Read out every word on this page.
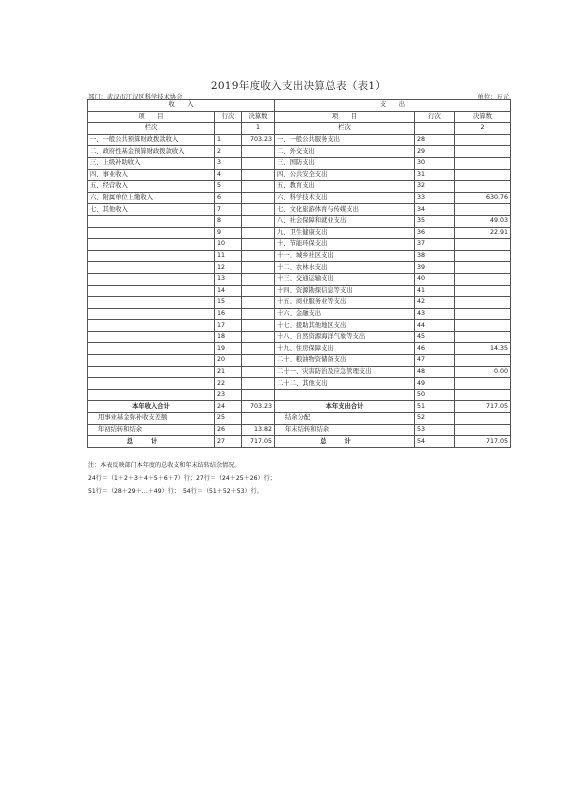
2019年度收入支出决算总表（表1）
部门：武汉市江汉区科学技术协会	单位：万元
收　　入			支　　出		
项　　目	行次	决算数	项　　目	行次	决算数
栏次		1	栏次		2
一、一般公共预算财政拨款收入	1	703.23	一、一般公共服务支出	28	
二、政府性基金预算财政拨款收入	2		二、外交支出	29	
三、上级补助收入	3		三、国防支出	30	
四、事业收入	4		四、公共安全支出	31	
五、经营收入	5		五、教育支出	32	
六、附属单位上缴收入	6		六、科学技术支出	33	630.76
七、其他收入	7		七、文化旅游体育与传媒支出	34	
	8		八、社会保障和就业支出	35	49.03
	9		九、卫生健康支出	36	22.91
	10		十、节能环保支出	37	
	11		十一、城乡社区支出	38	
	12		十二、农林水支出	39	
	13		十三、交通运输支出	40	
	14		十四、资源勘探信息等支出	41	
	15		十五、商业服务业等支出	42	
	16		十六、金融支出	43	
	17		十七、援助其他地区支出	44	
	18		十八、自然资源海洋气象等支出	45	
	19		十九、住房保障支出	46	14.35
	20		二十、粮油物资储备支出	47	
	21		二十一、灾害防治及应急管理支出	48	0.00
	22		二十二、其他支出	49	
	23			50	
本年收入合计	24	703.23	本年支出合计	51	717.05
用事业基金弥补收支差额	25		结余分配	52	
年初结转和结余	26	13.82	年末结转和结余	53	
总计	27	717.05	总计	54	717.05
注：本表反映部门本年度的总收支和年末结转结余情况。
24行＝（1＋2＋3＋4＋5＋6＋7）行；27行＝（24＋25＋26）行；
51行＝（28＋29＋…＋49）行；　54行＝（51＋52＋53）行。
